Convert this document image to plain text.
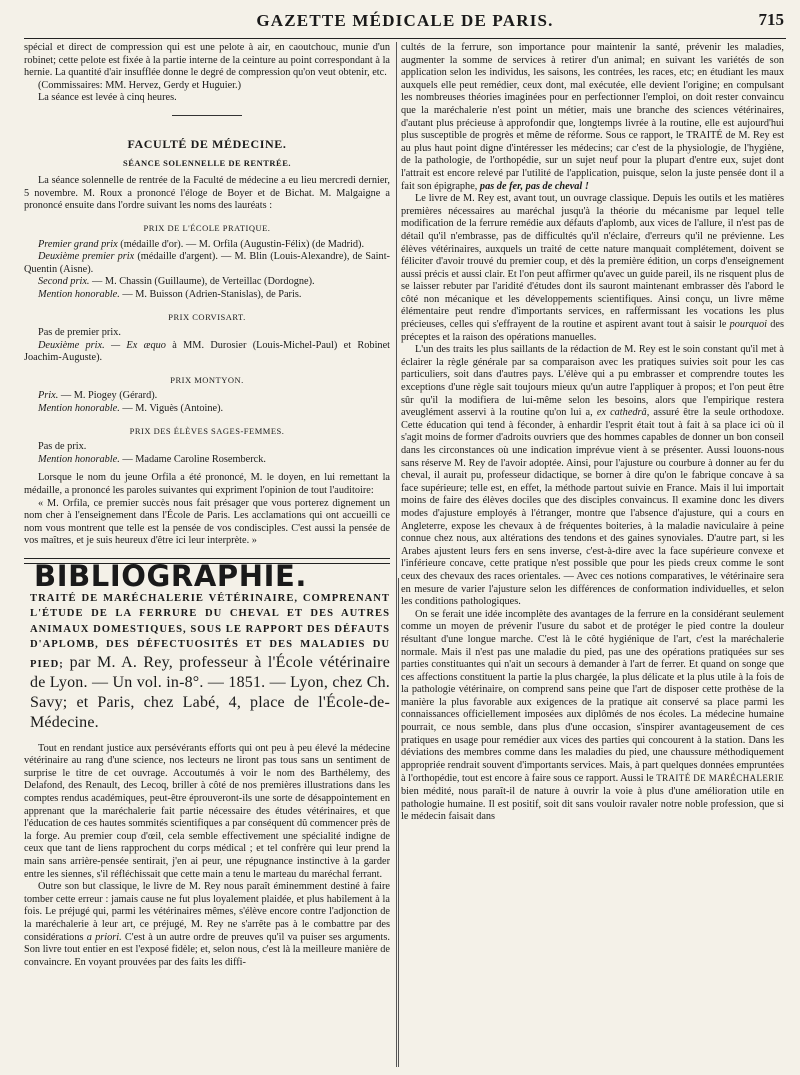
GAZETTE MÉDICALE DE PARIS.	715

spécial et direct de compression qui est une pelote à air, en caoutchouc, munie d'un robinet; cette pelote est fixée à la partie interne de la ceinture au point correspondant à la hernie. La quantité d'air insufflée donne le degré de compression qu'on veut obtenir, etc.

(Commissaires: MM. Hervez, Gerdy et Huguier.)

La séance est levée à cinq heures.

FACULTÉ DE MÉDECINE.
SÉANCE SOLENNELLE DE RENTRÉE.

La séance solennelle de rentrée de la Faculté de médecine a eu lieu mercredi dernier, 5 novembre. M. Roux a prononcé l'éloge de Boyer et de Bichat. M. Malgaigne a prononcé ensuite dans l'ordre suivant les noms des lauréats :

PRIX DE L'ÉCOLE PRATIQUE.

Premier grand prix (médaille d'or). — M. Orfila (Augustin-Félix) (de Madrid).

Deuxième premier prix (médaille d'argent). — M. Blin (Louis-Alexandre), de Saint-Quentin (Aisne).

Second prix. — M. Chassin (Guillaume), de Verteillac (Dordogne).

Mention honorable. — M. Buisson (Adrien-Stanislas), de Paris.

PRIX CORVISART.

Pas de premier prix.

Deuxième prix. — Ex æquo à MM. Durosier (Louis-Michel-Paul) et Robinet Joachim-Auguste).

PRIX MONTYON.

Prix. — M. Piogey (Gérard).

Mention honorable. — M. Viguès (Antoine).

PRIX DES ÉLÈVES SAGES-FEMMES.

Pas de prix.

Mention honorable. — Madame Caroline Rosemberck.

Lorsque le nom du jeune Orfila a été prononcé, M. le doyen, en lui remettant la médaille, a prononcé les paroles suivantes qui expriment l'opinion de tout l'auditoire:

« M. Orfila, ce premier succès nous fait présager que vous porterez dignement un nom cher à l'enseignement dans l'École de Paris. Les acclamations qui ont accueilli ce nom vous montrent que telle est la pensée de vos condisciples. C'est aussi la pensée de vos maîtres, et je suis heureux d'être ici leur interprète. »

BIBLIOGRAPHIE.

TRAITÉ DE MARÉCHALERIE VÉTÉRINAIRE, COMPRENANT L'ÉTUDE DE LA FERRURE DU CHEVAL ET DES AUTRES ANIMAUX DOMESTIQUES, SOUS LE RAPPORT DES DÉFAUTS D'APLOMB, DES DÉFECTUOSITÉS ET DES MALADIES DU PIED; par M. A. Rey, professeur à l'École vétérinaire de Lyon. — Un vol. in-8°. — 1851. — Lyon, chez Ch. Savy; et Paris, chez Labé, 4, place de l'École-de-Médecine.

Tout en rendant justice aux persévérants efforts qui ont peu à peu élevé la médecine vétérinaire au rang d'une science, nos lecteurs ne liront pas tous sans un sentiment de surprise le titre de cet ouvrage. Accoutumés à voir le nom des Barthélemy, des Delafond, des Renault, des Lecoq, briller à côté de nos premières illustrations dans les comptes rendus académiques, peut-être éprouveront-ils une sorte de désappointement en apprenant que la maréchalerie fait partie nécessaire des études vétérinaires, et que l'éducation de ces hautes sommités scientifiques a par conséquent dû commencer près de la forge. Au premier coup d'œil, cela semble effectivement une spécialité indigne de ceux que tant de liens rapprochent du corps médical ; et tel confrère qui leur prend la main sans arrière-pensée sentirait, j'en ai peur, une répugnance instinctive à la garder entre les siennes, s'il réfléchissait que cette main a tenu le marteau du maréchal ferrant.

Outre son but classique, le livre de M. Rey nous paraît éminemment destiné à faire tomber cette erreur : jamais cause ne fut plus loyalement plaidée, et plus habilement à la fois. Le préjugé qui, parmi les vétérinaires mêmes, s'élève encore contre l'adjonction de la maréchalerie à leur art, ce préjugé, M. Rey ne s'arrête pas à le combattre par des considérations a priori. C'est à un autre ordre de preuves qu'il va puiser ses arguments. Son livre tout entier en est l'exposé fidèle; et, selon nous, c'est là la meilleure manière de convaincre. En voyant prouvées par des faits les diffi-

cultés de la ferrure, son importance pour maintenir la santé, prévenir les maladies, augmenter la somme de services à retirer d'un animal; en suivant les variétés de son application selon les individus, les saisons, les contrées, les races, etc; en étudiant les maux auxquels elle peut remédier, ceux dont, mal exécutée, elle devient l'origine; en compulsant les nombreuses théories imaginées pour en perfectionner l'emploi, on doit rester convaincu que la maréchalerie n'est point un métier, mais une branche des sciences vétérinaires, d'autant plus précieuse à approfondir que, longtemps livrée à la routine, elle est aujourd'hui plus susceptible de progrès et même de réforme. Sous ce rapport, le TRAITÉ de M. Rey est au plus haut point digne d'intéresser les médecins; car c'est de la physiologie, de l'hygiène, de la pathologie, de l'orthopédie, sur un sujet neuf pour la plupart d'entre eux, sujet dont l'attrait est encore relevé par l'utilité de l'application, puisque, selon la juste pensée dont il a fait son épigraphe, pas de fer, pas de cheval !

Le livre de M. Rey est, avant tout, un ouvrage classique. Depuis les outils et les matières premières nécessaires au maréchal jusqu'à la théorie du mécanisme par lequel telle modification de la ferrure remédie aux défauts d'aplomb, aux vices de l'allure, il n'est pas de détail qu'il n'embrasse, pas de difficultés qu'il n'éclaire, d'erreurs qu'il ne prévienne. Les élèves vétérinaires, auxquels un traité de cette nature manquait complétement, doivent se féliciter d'avoir trouvé du premier coup, et dès la première édition, un corps d'enseignement aussi précis et aussi clair. Et l'on peut affirmer qu'avec un guide pareil, ils ne risquent plus de se laisser rebuter par l'aridité d'études dont ils sauront maintenant embrasser dès l'abord le côté non mécanique et les développements scientifiques. Ainsi conçu, un livre même élémentaire peut rendre d'importants services, en raffermissant les vocations les plus précieuses, celles qui s'effrayent de la routine et aspirent avant tout à saisir le pourquoi des préceptes et la raison des opérations manuelles.

L'un des traits les plus saillants de la rédaction de M. Rey est le soin constant qu'il met à éclairer la règle générale par sa comparaison avec les pratiques suivies soit pour les cas particuliers, soit dans d'autres pays. L'élève qui a pu embrasser et comprendre toutes les exceptions d'une règle sait toujours mieux qu'un autre l'appliquer à propos; et l'on peut être sûr qu'il la modifiera de lui-même selon les besoins, alors que l'empirique restera aveuglément asservi à la routine qu'on lui a, ex cathedrâ, assuré être la seule orthodoxe. Cette éducation qui tend à féconder, à enhardir l'esprit était tout à fait à sa place ici où il s'agit moins de former d'adroits ouvriers que des hommes capables de donner un bon conseil dans les circonstances où une indication imprévue vient à se présenter. Aussi louons-nous sans réserve M. Rey de l'avoir adoptée. Ainsi, pour l'ajusture ou courbure à donner au fer du cheval, il aurait pu, professeur didactique, se borner à dire qu'on le fabrique concave à sa face supérieure; telle est, en effet, la méthode partout suivie en France. Mais il lui importait moins de faire des élèves dociles que des disciples convaincus. Il examine donc les divers modes d'ajusture employés à l'étranger, montre que l'absence d'ajusture, qui a cours en Angleterre, expose les chevaux à de fréquentes boiteries, à la maladie naviculaire à peine connue chez nous, aux altérations des tendons et des gaines synoviales. D'autre part, si les Arabes ajustent leurs fers en sens inverse, c'est-à-dire avec la face supérieure convexe et l'inférieure concave, cette pratique n'est possible que pour les pieds creux comme le sont ceux des chevaux des races orientales. — Avec ces notions comparatives, le vétérinaire sera en mesure de varier l'ajusture selon les différences de conformation individuelles, et selon les conditions pathologiques.

On se ferait une idée incomplète des avantages de la ferrure en la considérant seulement comme un moyen de prévenir l'usure du sabot et de protéger le pied contre la douleur résultant d'une longue marche. C'est là le côté hygiénique de l'art, c'est la maréchalerie normale. Mais il n'est pas une maladie du pied, pas une des opérations pratiquées sur ses parties constituantes qui n'ait un secours à demander à l'art de ferrer. Et quand on songe que ces affections constituent la partie la plus chargée, la plus délicate et la plus utile à la fois de la pathologie vétérinaire, on comprend sans peine que l'art de disposer cette prothèse de la manière la plus favorable aux exigences de la pratique ait conservé sa place parmi les connaissances officiellement imposées aux diplômés de nos écoles. La médecine humaine pourrait, ce nous semble, dans plus d'une occasion, s'inspirer avantageusement de ces pratiques en usage pour remédier aux vices des parties qui concourent à la station. Dans les déviations des membres comme dans les maladies du pied, une chaussure méthodiquement appropriée rendrait souvent d'importants services. Mais, à part quelques données empruntées à l'orthopédie, tout est encore à faire sous ce rapport. Aussi le TRAITÉ DE MARÉCHALERIE bien médité, nous paraît-il de nature à ouvrir la voie à plus d'une amélioration utile en pathologie humaine. Il est positif, soit dit sans vouloir ravaler notre noble profession, que si le médecin faisait dans
